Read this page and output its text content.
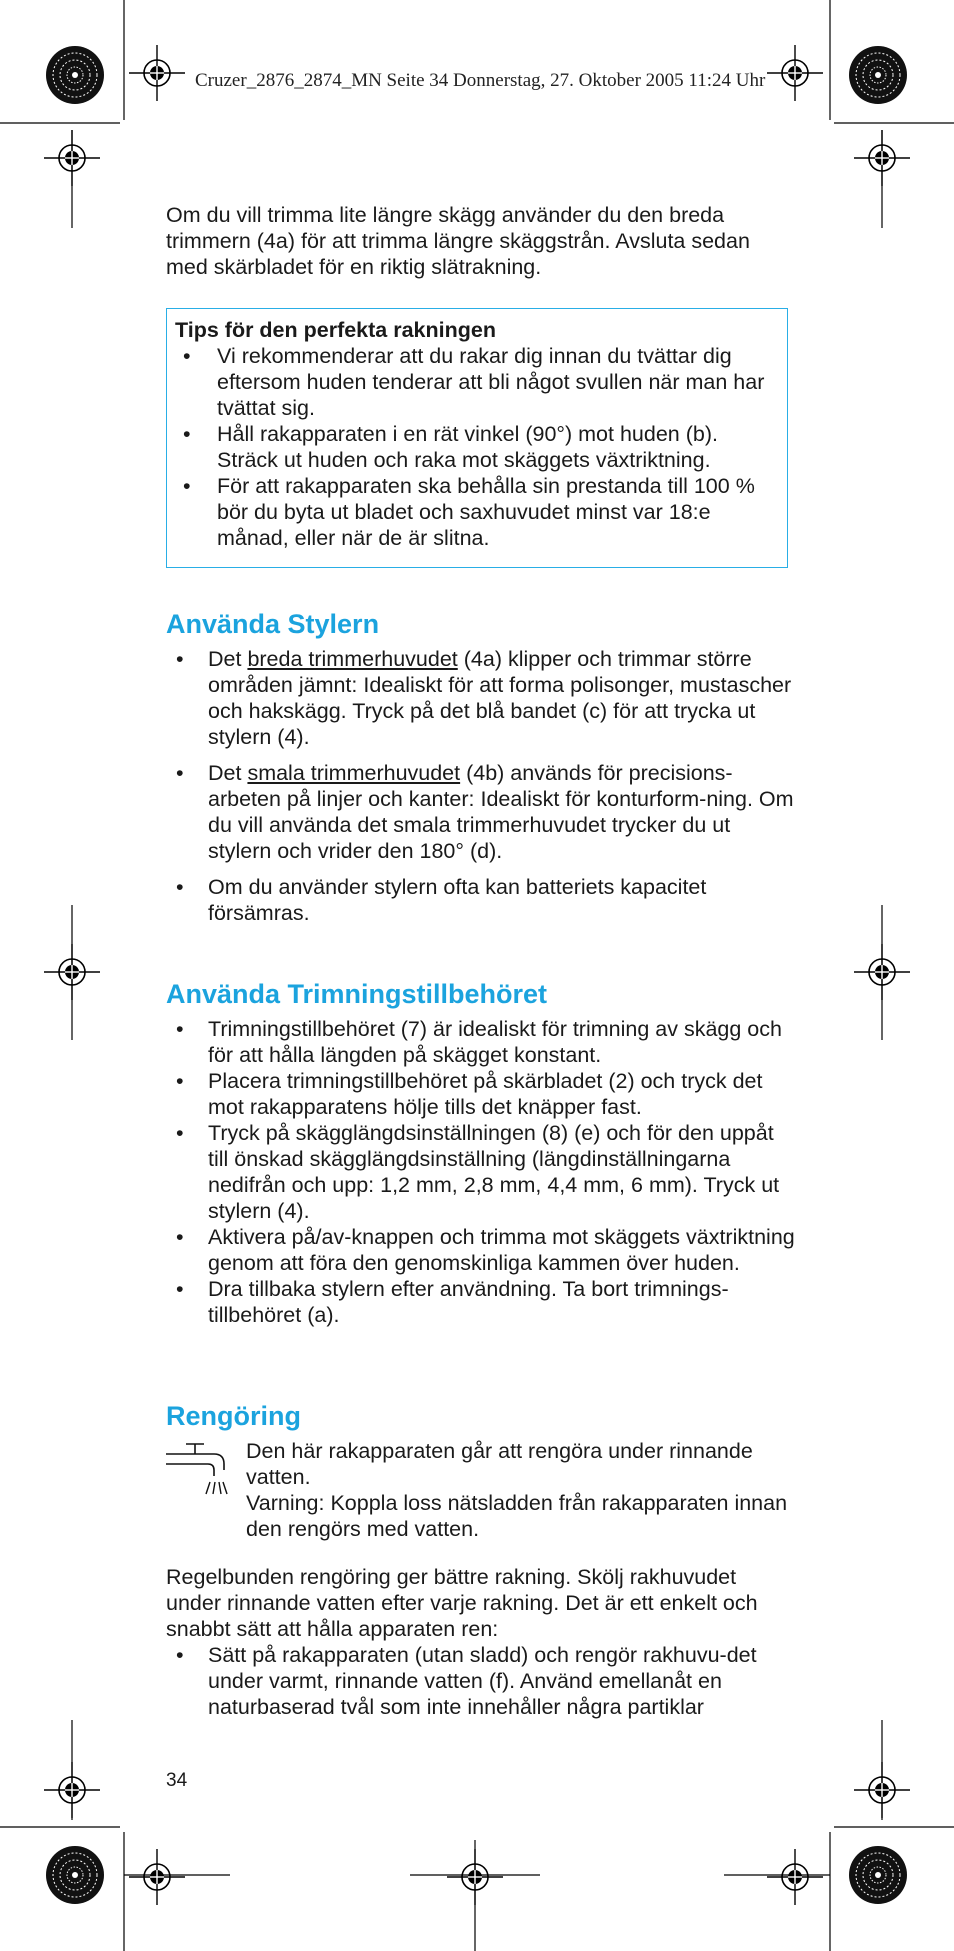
Cruzer_2876_2874_MN Seite 34 Donnerstag, 27. Oktober 2005 11:24 Uhr
Om du vill trimma lite längre skägg använder du den breda trimmern (4a) för att trimma längre skäggstrån. Avsluta sedan med skärbladet för en riktig slätrakning.
Tips för den perfekta rakningen
• Vi rekommenderar att du rakar dig innan du tvättar dig eftersom huden tenderar att bli något svullen när man har tvättat sig.
• Håll rakapparaten i en rät vinkel (90°) mot huden (b). Sträck ut huden och raka mot skäggets växtriktning.
• För att rakapparaten ska behålla sin prestanda till 100 % bör du byta ut bladet och saxhuvudet minst var 18:e månad, eller när de är slitna.
Använda Stylern
• Det breda trimmerhuvudet (4a) klipper och trimmar större områden jämnt: Idealiskt för att forma polisonger, mustascher och hakskägg. Tryck på det blå bandet (c) för att trycka ut stylern (4).
• Det smala trimmerhuvudet (4b) används för precisions-arbeten på linjer och kanter: Idealiskt för konturform-ning. Om du vill använda det smala trimmerhuvudet trycker du ut stylern och vrider den 180° (d).
• Om du använder stylern ofta kan batteriets kapacitet försämras.
Använda Trimningstillbehöret
• Trimningstillbehöret (7) är idealiskt för trimning av skägg och för att hålla längden på skägget konstant.
• Placera trimningstillbehöret på skärbladet (2) och tryck det mot rakapparatens hölje tills det knäpper fast.
• Tryck på skägglängdsinställningen (8) (e) och för den uppåt till önskad skägglängdsinställning (längdinställningarna nedifrån och upp: 1,2 mm, 2,8 mm, 4,4 mm, 6 mm). Tryck ut stylern (4).
• Aktivera på/av-knappen och trimma mot skäggets växtriktning genom att föra den genomskinliga kammen över huden.
• Dra tillbaka stylern efter användning. Ta bort trimnings-tillbehöret (a).
Rengöring
Den här rakapparaten går att rengöra under rinnande vatten.
Varning: Koppla loss nätsladden från rakapparaten innan den rengörs med vatten.
Regelbunden rengöring ger bättre rakning. Skölj rakhuvudet under rinnande vatten efter varje rakning. Det är ett enkelt och snabbt sätt att hålla apparaten ren:
• Sätt på rakapparaten (utan sladd) och rengör rakhuvu-det under varmt, rinnande vatten (f). Använd emellanåt en naturbaserad tvål som inte innehåller några partiklar
34
